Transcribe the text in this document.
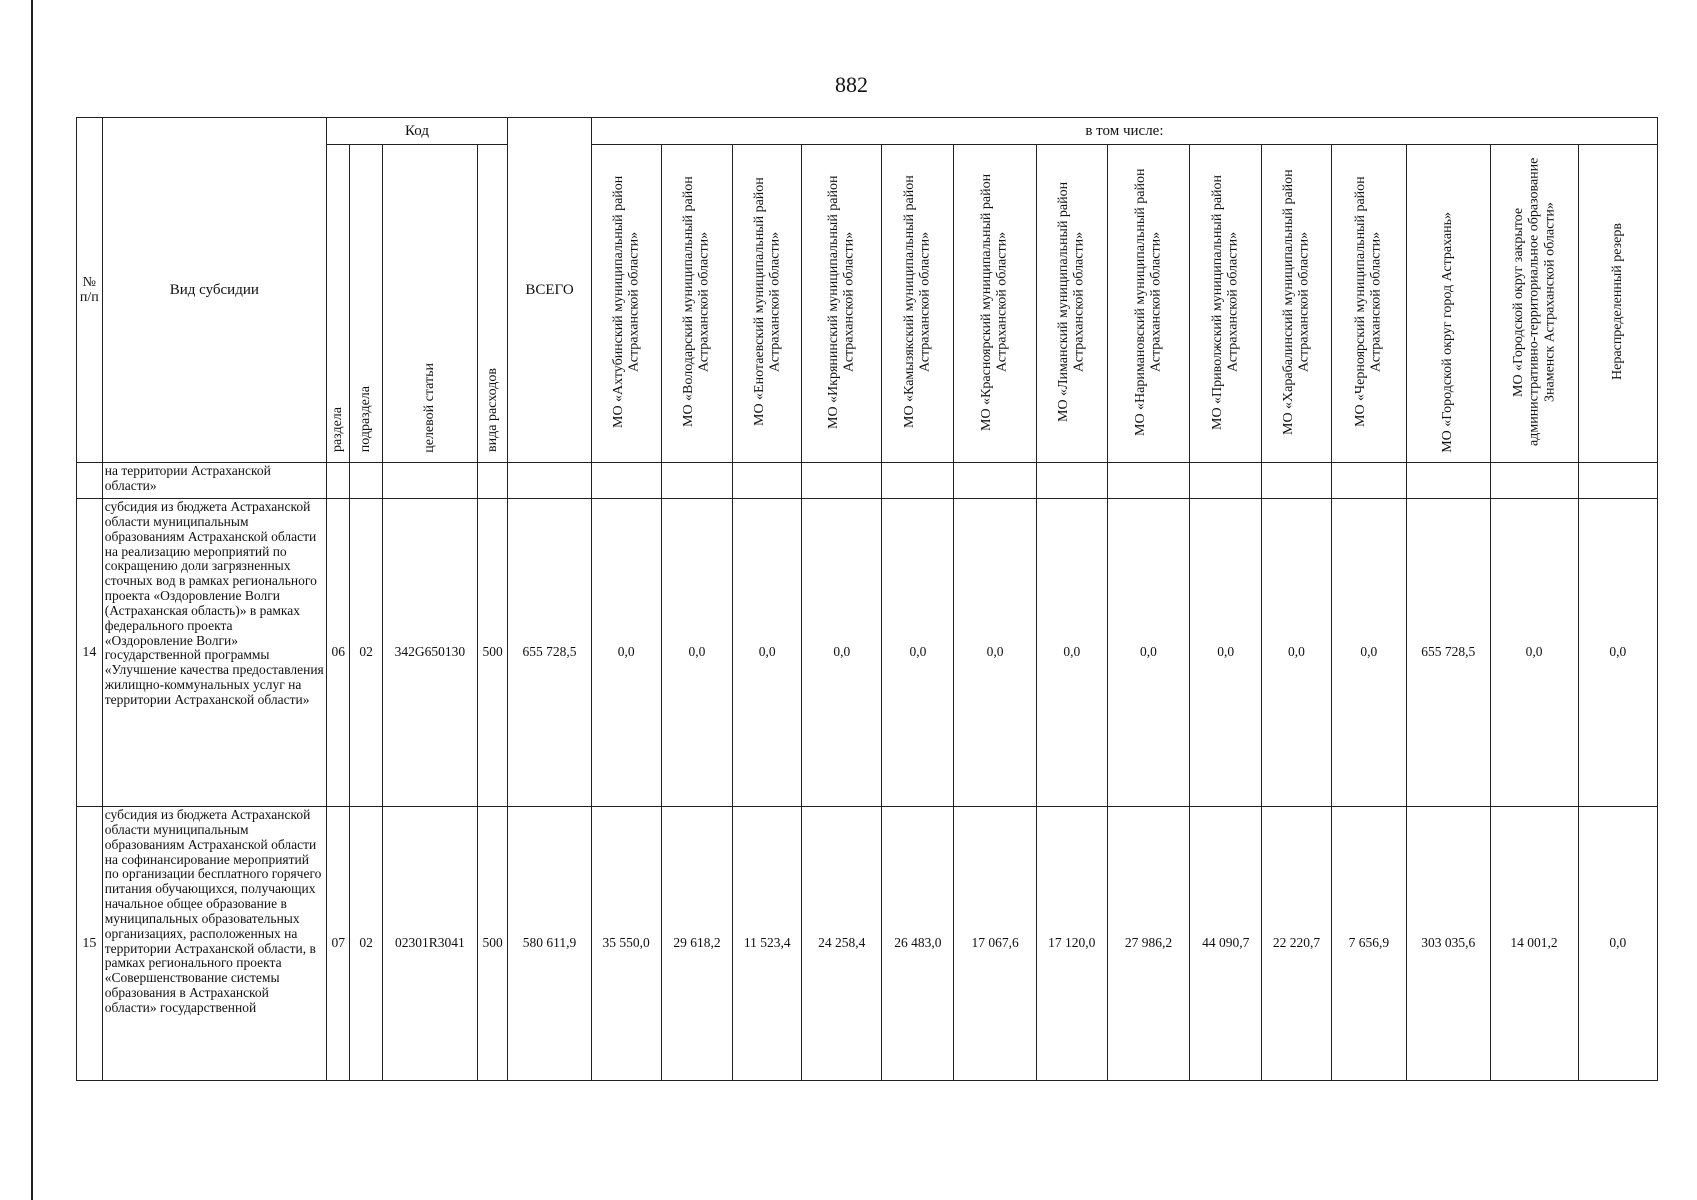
882
№ п/п	Вид субсидии	Код				ВСЕГО	в том числе:													
		раздела	подраздела	целевой статьи	вида расходов		МО «Ахтубинский муниципальный район Астраханской области»	МО «Володарский муниципальный район Астраханской области»	МО «Енотаевский муниципальный район Астраханской области»	МО «Икрянинский муниципальный район Астраханской области»	МО «Камызякский муниципальный район Астраханской области»	МО «Красноярский муниципальный район Астраханской области»	МО «Лиманский муниципальный район Астраханской области»	МО «Наримановский муниципальный район Астраханской области»	МО «Приволжский муниципальный район Астраханской области»	МО «Харабалинский муниципальный район Астраханской области»	МО «Черноярский муниципальный район Астраханской области»	МО «Городской округ город Астрахань»	МО «Городской округ закрытое административно-территориальное образование Знаменск Астраханской области»	Нераспределенный резерв
	на территории Астраханской области»																			
14	субсидия из бюджета Астраханской области муниципальным образованиям Астраханской области на реализацию мероприятий по сокращению доли загрязненных сточных вод в рамках регионального проекта «Оздоровление Волги (Астраханская область)» в рамках федерального проекта «Оздоровление Волги» государственной программы «Улучшение качества предоставления жилищно-коммунальных услуг на территории Астраханской области»	06	02	342G650130	500	655 728,5	0,0	0,0	0,0	0,0	0,0	0,0	0,0	0,0	0,0	0,0	0,0	655 728,5	0,0	0,0
15	субсидия из бюджета Астраханской области муниципальным образованиям Астраханской области на софинансирование мероприятий по организации бесплатного горячего питания обучающихся, получающих начальное общее образование в муниципальных образовательных организациях, расположенных на территории Астраханской области, в рамках регионального проекта «Совершенствование системы образования в Астраханской области» государственной	07	02	02301R3041	500	580 611,9	35 550,0	29 618,2	11 523,4	24 258,4	26 483,0	17 067,6	17 120,0	27 986,2	44 090,7	22 220,7	7 656,9	303 035,6	14 001,2	0,0
